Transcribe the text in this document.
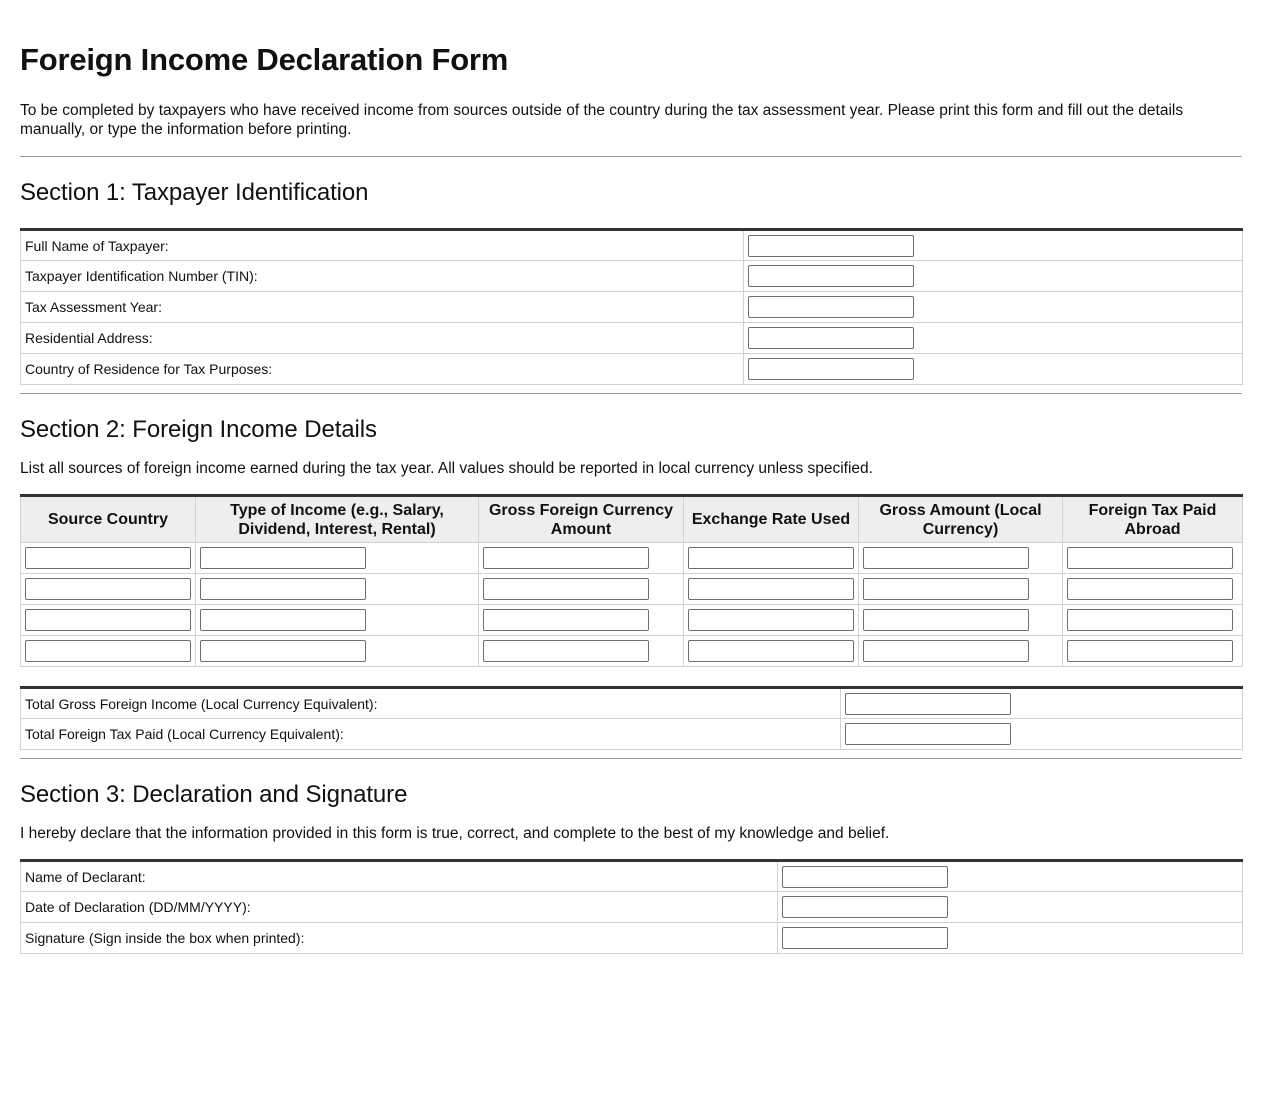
Foreign Income Declaration Form

To be completed by taxpayers who have received income from sources outside of the country during the tax assessment year. Please print this form and fill out the details manually, or type the information before printing.

Section 1: Taxpayer Identification
Full Name of Taxpayer:	

Taxpayer Identification Number (TIN):	

Tax Assessment Year:	

Residential Address:	

Country of Residence for Tax Purposes:	
Section 2: Foreign Income Details

List all sources of foreign income earned during the tax year. All values should be reported in local currency unless specified.

Source Country	Type of Income (e.g., Salary, Dividend, Interest, Rental)	Gross Foreign Currency Amount	Exchange Rate Used	Gross Amount (Local Currency)	Foreign Tax Paid Abroad

Total Gross Foreign Income (Local Currency Equivalent):	

Total Foreign Tax Paid (Local Currency Equivalent):	
Section 3: Declaration and Signature

I hereby declare that the information provided in this form is true, correct, and complete to the best of my knowledge and belief.

Name of Declarant:	

Date of Declaration (DD/MM/YYYY):	

Signature (Sign inside the box when printed):	
